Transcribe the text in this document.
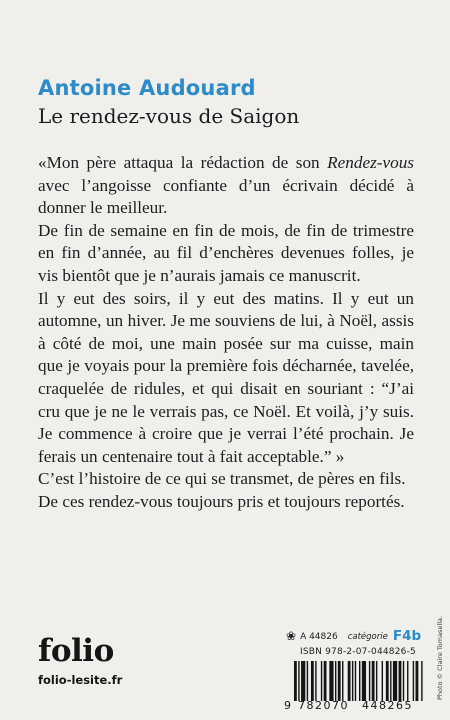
Antoine Audouard
Le rendez-vous de Saigon

«Mon père attaqua la rédaction de son Rendez-vous avec l’angoisse confiante d’un écrivain décidé à donner le meilleur.

De fin de semaine en fin de mois, de fin de trimestre en fin d’année, au fil d’enchères devenues folles, je vis bientôt que je n’aurais jamais ce manuscrit.

Il y eut des soirs, il y eut des matins. Il y eut un automne, un hiver. Je me souviens de lui, à Noël, assis à côté de moi, une main posée sur ma cuisse, main que je voyais pour la première fois décharnée, tavelée, craquelée de ridules, et qui disait en souriant : “J’ai cru que je ne le verrais pas, ce Noël. Et voilà, j’y suis. Je commence à croire que je verrai l’été prochain. Je ferais un centenaire tout à fait acceptable.” »

C’est l’histoire de ce qui se transmet, de pères en fils.

De ces rendez-vous toujours pris et toujours reportés.

folio
folio-lesite.fr
❀ A 44826 catégorie F4b
ISBN 978-2-07-044826-5
9 782070 448265
Photo © Claire Tomasella.
